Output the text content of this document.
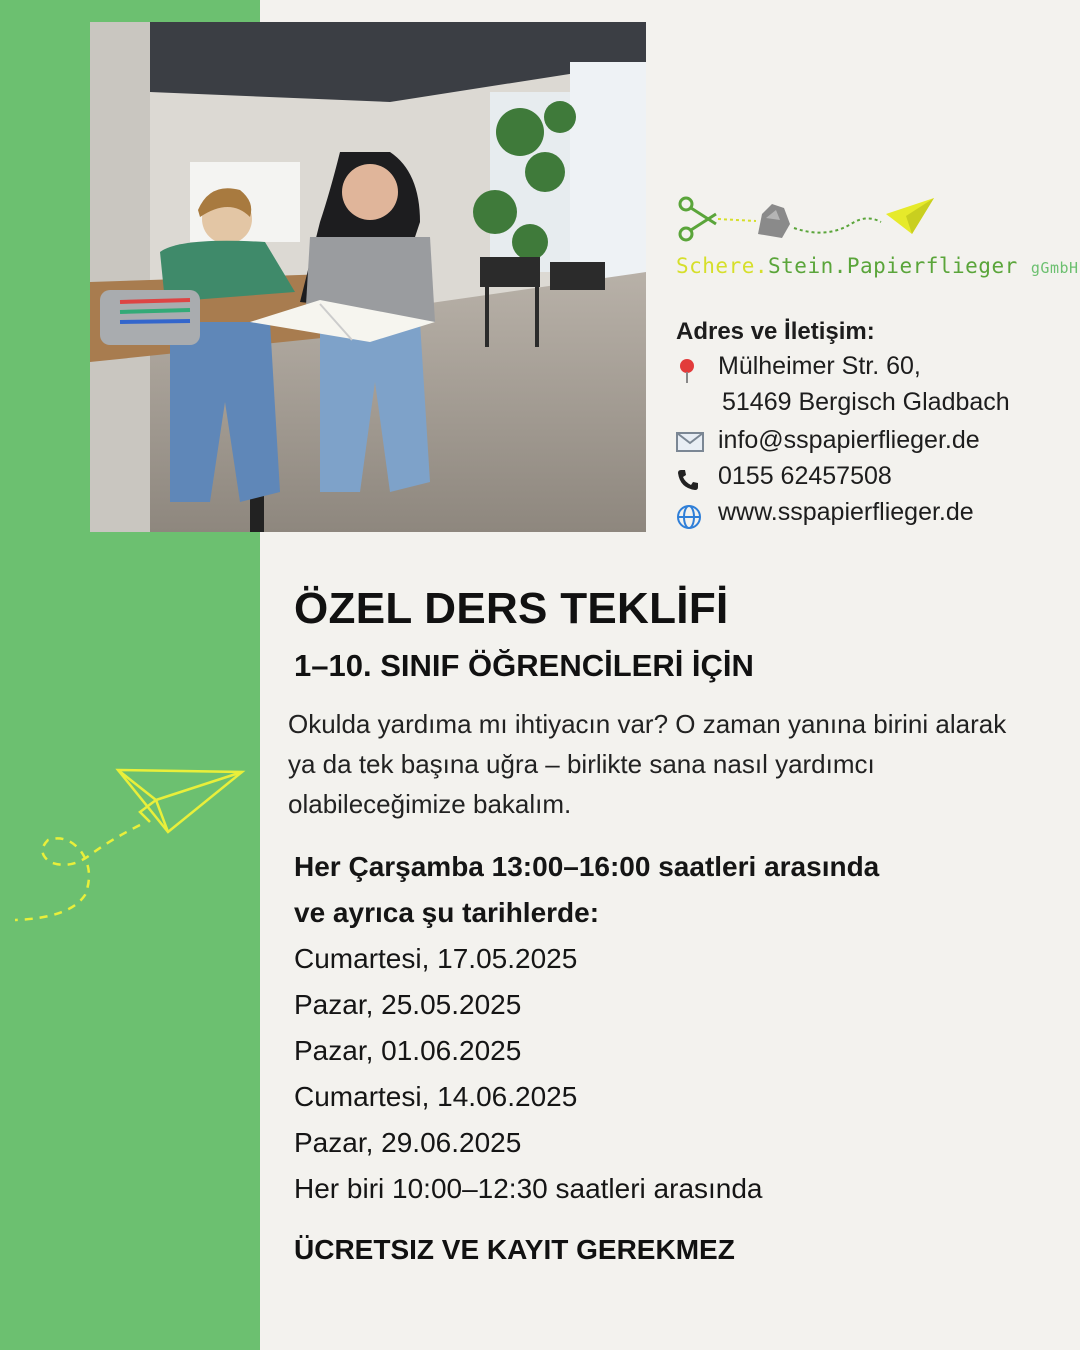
Schere.Stein.Papierflieger gGmbH
Adres ve İletişim:
Mülheimer Str. 60,
51469 Bergisch Gladbach
info@sspapierflieger.de
0155 62457508
www.sspapierflieger.de
ÖZEL DERS TEKLİFİ
1–10. SINIF ÖĞRENCİLERİ İÇİN

Okulda yardıma mı ihtiyacın var? O zaman yanına birini alarak ya da tek başına uğra – birlikte sana nasıl yardımcı olabileceğimize bakalım.

Her Çarşamba 13:00–16:00 saatleri arasında
ve ayrıca şu tarihlerde:
Cumartesi, 17.05.2025
Pazar, 25.05.2025
Pazar, 01.06.2025
Cumartesi, 14.06.2025
Pazar, 29.06.2025
Her biri 10:00–12:30 saatleri arasında

ÜCRETSIZ VE KAYIT GEREKMEZ
